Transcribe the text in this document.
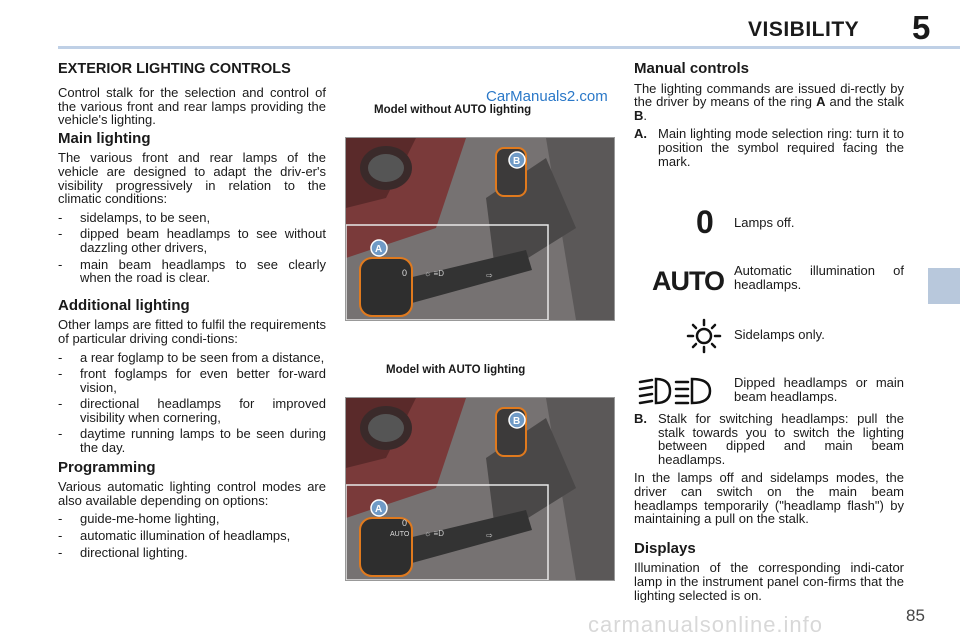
VISIBILITY 5
EXTERIOR LIGHTING CONTROLS

Control stalk for the selection and control of the various front and rear lamps providing the vehicle's lighting.

Main lighting

The various front and rear lamps of the vehicle are designed to adapt the driv-er's visibility progressively in relation to the climatic conditions:

- sidelamps, to be seen,
- dipped beam headlamps to see without dazzling other drivers,
- main beam headlamps to see clearly when the road is clear.
Additional lighting

Other lamps are fitted to fulfil the requirements of particular driving condi-tions:

- a rear foglamp to be seen from a distance,
- front foglamps for even better for-ward vision,
- directional headlamps for improved visibility when cornering,
- daytime running lamps to be seen during the day.
Programming

Various automatic lighting control modes are also available depending on options:

- guide-me-home lighting,
- automatic illumination of headlamps,
- directional lighting.
CarManuals2.com
Model without AUTO lighting
0 ☼ ≡D	⇨
B
A
Model with AUTO lighting
0
AUTO ☼ ≡D	⇨
B
A
Manual controls

The lighting commands are issued di-rectly by the driver by means of the ring A and the stalk B.

A. Main lighting mode selection ring: turn it to position the symbol required facing the mark.

0 Lamps off.
AUTO Automatic illumination of headlamps.
Sidelamps only.
Dipped headlamps or main beam headlamps.

B. Stalk for switching headlamps: pull the stalk towards you to switch the lighting between dipped and main beam headlamps.

In the lamps off and sidelamps modes, the driver can switch on the main beam headlamps temporarily ("headlamp flash") by maintaining a pull on the stalk.

Displays

Illumination of the corresponding indi-cator lamp in the instrument panel con-firms that the lighting selected is on.

85
carmanualsonline.info
